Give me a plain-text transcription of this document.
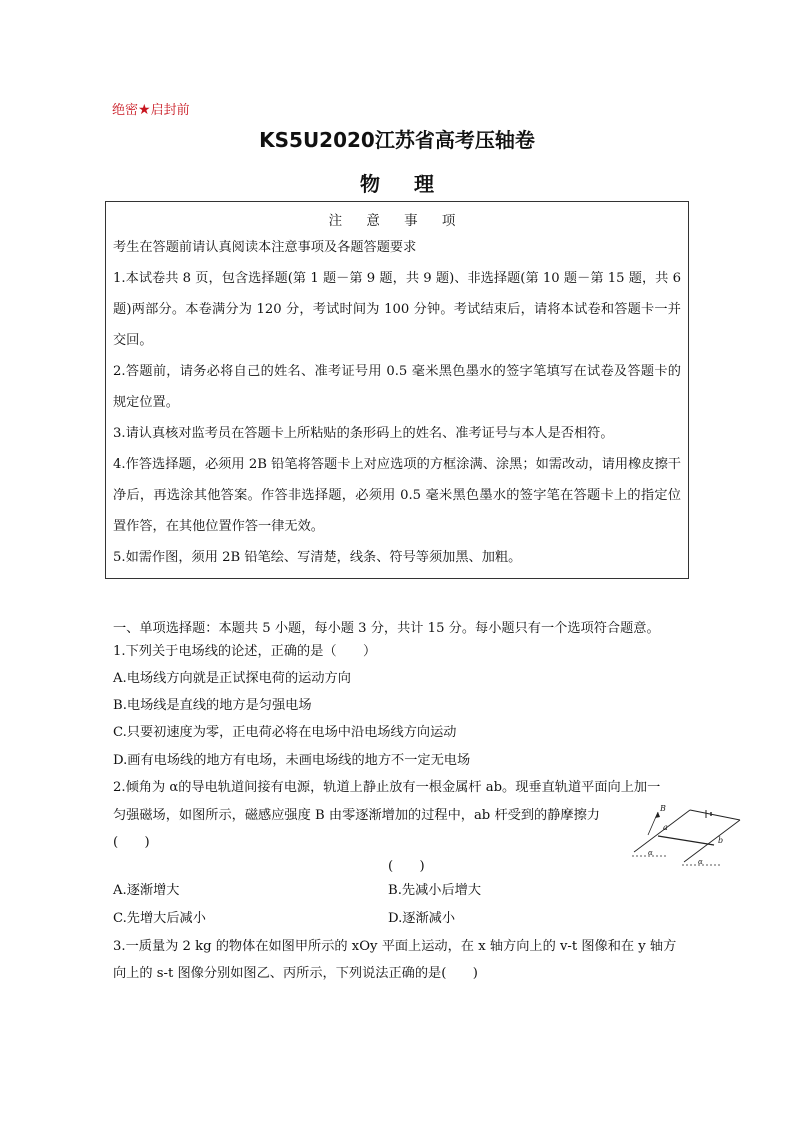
绝密★启封前
KS5U2020江苏省高考压轴卷
物理
注 意 事 项
考生在答题前请认真阅读本注意事项及各题答题要求
1.本试卷共 8 页，包含选择题(第 1 题－第 9 题，共 9 题)、非选择题(第 10 题－第 15 题，共 6 题)两部分。本卷满分为 120 分，考试时间为 100 分钟。考试结束后，请将本试卷和答题卡一并交回。
2.答题前，请务必将自己的姓名、准考证号用 0.5 毫米黑色墨水的签字笔填写在试卷及答题卡的规定位置。
3.请认真核对监考员在答题卡上所粘贴的条形码上的姓名、准考证号与本人是否相符。
4.作答选择题，必须用 2B 铅笔将答题卡上对应选项的方框涂满、涂黑；如需改动，请用橡皮擦干净后，再选涂其他答案。作答非选择题，必须用 0.5 毫米黑色墨水的签字笔在答题卡上的指定位置作答，在其他位置作答一律无效。
5.如需作图，须用 2B 铅笔绘、写清楚，线条、符号等须加黑、加粗。
一、单项选择题：本题共 5 小题，每小题 3 分，共计 15 分。每小题只有一个选项符合题意。
1.下列关于电场线的论述，正确的是（　　）
A.电场线方向就是正试探电荷的运动方向
B.电场线是直线的地方是匀强电场
C.只要初速度为零，正电荷必将在电场中沿电场线方向运动
D.画有电场线的地方有电场，未画电场线的地方不一定无电场
2.倾角为 α的导电轨道间接有电源，轨道上静止放有一根金属杆 ab。现垂直轨道平面向上加一
匀强磁场，如图所示，磁感应强度 B 由零逐渐增加的过程中，ab 杆受到的静摩擦力
(　　)
(　　)
B
a
b
α
α
A.逐渐增大	B.先减小后增大
C.先增大后减小	D.逐渐减小
3.一质量为 2 kg 的物体在如图甲所示的 xOy 平面上运动，在 x 轴方向上的 v-t 图像和在 y 轴方
向上的 s-t 图像分别如图乙、丙所示，下列说法正确的是(　　)
